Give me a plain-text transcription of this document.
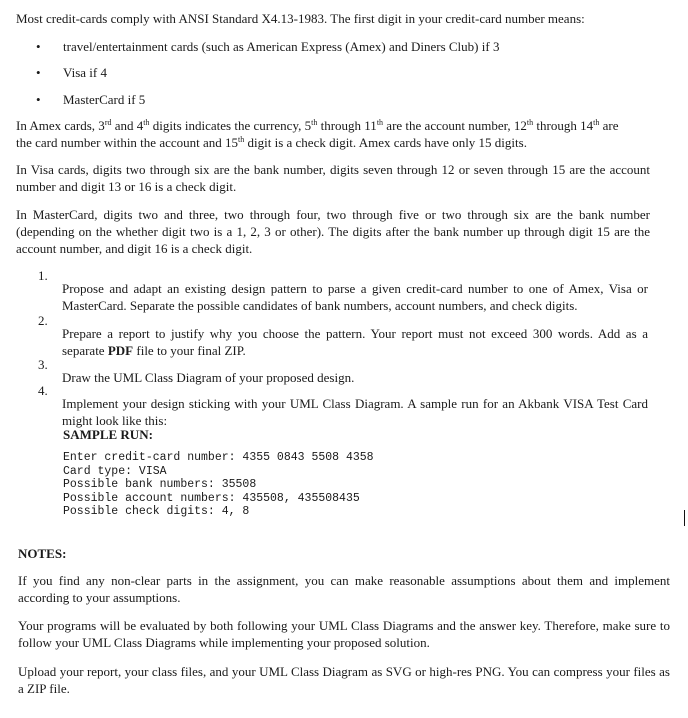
Most credit-cards comply with ANSI Standard X4.13-1983. The first digit in your credit-card number means:

• travel/entertainment cards (such as American Express (Amex) and Diners Club) if 3

• Visa if 4

• MasterCard if 5

In Amex cards, 3rd and 4th digits indicates the currency, 5th through 11th are the account number, 12th through 14th are
the card number within the account and 15th digit is a check digit. Amex cards have only 15 digits.

In Visa cards, digits two through six are the bank number, digits seven through 12 or seven through 15 are the account number and digit 13 or 16 is a check digit.

In MasterCard, digits two and three, two through four, two through five or two through six are the bank number (depending on the whether digit two is a 1, 2, 3 or other). The digits after the bank number up through digit 15 are the account number, and digit 16 is a check digit.

1.

Propose and adapt an existing design pattern to parse a given credit-card number to one of Amex, Visa or MasterCard. Separate the possible candidates of bank numbers, account numbers, and check digits.

2.

Prepare a report to justify why you choose the pattern. Your report must not exceed 300 words. Add as a separate PDF file to your final ZIP.

3.

Draw the UML Class Diagram of your proposed design.

4.

Implement your design sticking with your UML Class Diagram. A sample run for an Akbank VISA Test Card might look like this:

SAMPLE RUN:

Enter credit-card number: 4355 0843 5508 4358
Card type: VISA
Possible bank numbers: 35508
Possible account numbers: 435508, 435508435
Possible check digits: 4, 8

NOTES:

If you find any non-clear parts in the assignment, you can make reasonable assumptions about them and implement according to your assumptions.

Your programs will be evaluated by both following your UML Class Diagrams and the answer key. Therefore, make sure to follow your UML Class Diagrams while implementing your proposed solution.

Upload your report, your class files, and your UML Class Diagram as SVG or high-res PNG. You can compress your files as a ZIP file.
